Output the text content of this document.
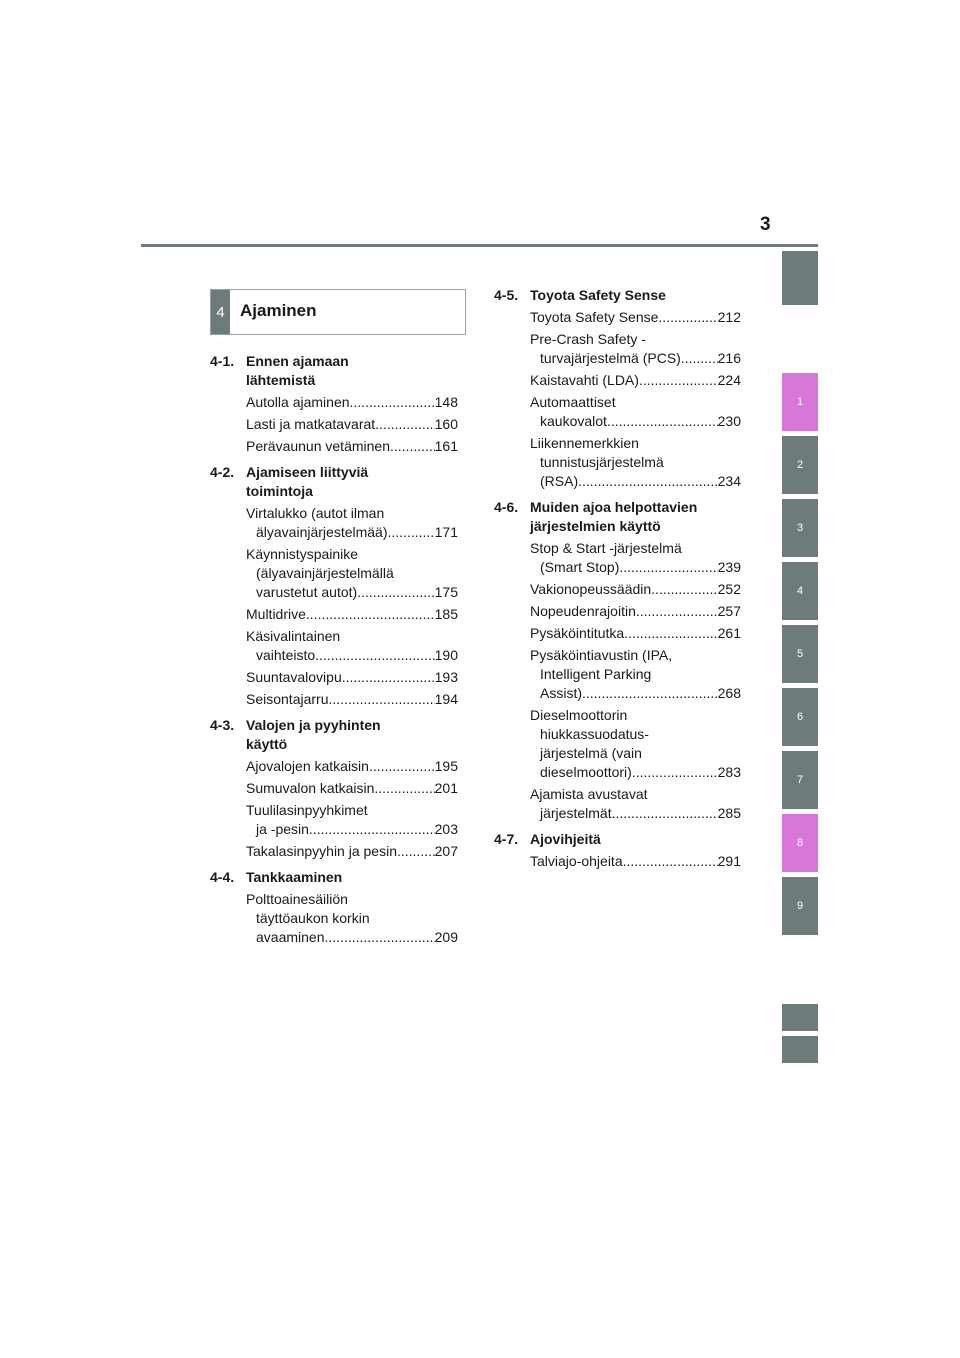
3
1
2
3
4
5
6
7
8
9
4 Ajaminen
4-1. Ennen ajamaan
lähtemistä
Autolla ajaminen .....	148
Lasti ja matkatavarat .....	160
Perävaunun vetäminen .....	161
4-2. Ajamiseen liittyviä
toimintoja
Virtalukko (autot ilman
älyavainjärjestelmää) .....	171
Käynnistyspainike
(älyavainjärjestelmällä
varustetut autot) .....	175
Multidrive .....	185
Käsivalintainen
vaihteisto .....	190
Suuntavalovipu .....	193
Seisontajarru .....	194
4-3. Valojen ja pyyhinten
käyttö
Ajovalojen katkaisin .....	195
Sumuvalon katkaisin .....	201
Tuulilasinpyyhkimet
ja -pesin .....	203
Takalasinpyyhin ja pesin .....	207
4-4. Tankkaaminen
Polttoainesäiliön
täyttöaukon korkin
avaaminen .....	209
4-5. Toyota Safety Sense
Toyota Safety Sense .....	212
Pre-Crash Safety -
turvajärjestelmä (PCS) .....	216
Kaistavahti (LDA) .....	224
Automaattiset
kaukovalot .....	230
Liikennemerkkien
tunnistusjärjestelmä
(RSA) .....	234
4-6. Muiden ajoa helpottavien
järjestelmien käyttö
Stop & Start -järjestelmä
(Smart Stop) .....	239
Vakionopeussäädin .....	252
Nopeudenrajoitin .....	257
Pysäköintitutka .....	261
Pysäköintiavustin (IPA,
Intelligent Parking
Assist) .....	268
Dieselmoottorin
hiukkassuodatus-
järjestelmä (vain
dieselmoottori) .....	283
Ajamista avustavat
järjestelmät .....	285
4-7. Ajovihjeitä
Talviajo-ohjeita .....	291
